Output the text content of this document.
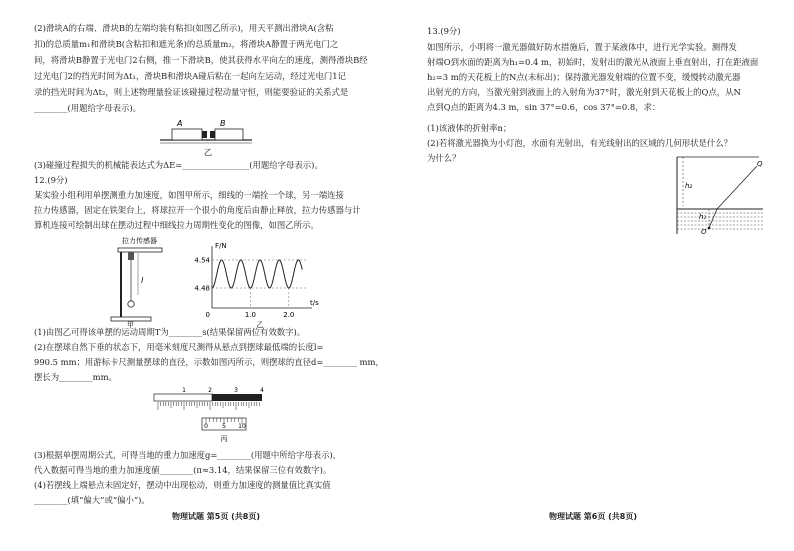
(2)滑块A的右端、滑块B的左端均装有粘扣(如图乙所示)，用天平测出滑块A(含粘
扣)的总质量m₁和滑块B(含粘扣和遮光条)的总质量m₂，将滑块A静置于两光电门之
间，将滑块B静置于光电门2右侧，推一下滑块B，使其获得水平向左的速度，测得滑块B经
过光电门2的挡光时间为Δt₁，滑块B和滑块A碰后粘在一起向左运动，经过光电门1记
录的挡光时间为Δt₂，则上述物理量验证该碰撞过程动量守恒，则能要验证的关系式是
________(用题给字母表示)。
A	B
乙
(3)碰撞过程损失的机械能表达式为ΔE=________________(用题给字母表示)。
12.(9分)
某实验小组利用单摆测重力加速度，如图甲所示，细线的一端拴一个球，另一端连接
拉力传感器，固定在铁架台上，将球拉开一个很小的角度后由静止释放，拉力传感器与计
算机连接可绘制出球在摆动过程中细线拉力周期性变化的图像，如图乙所示。
拉力传感器
l
甲
F/N
t/s
4.54
4.48
0	1.0	2.0
乙
(1)由图乙可得该单摆的运动周期T为________s(结果保留两位有效数字)。
(2)在摆球自然下垂的状态下，用毫米刻度尺测得从悬点到摆球最低端的长度l=
990.5 mm；用游标卡尺测量摆球的直径，示数如图丙所示，则摆球的直径d=________ mm，
摆长为________mm。
1	2	3	4
0 5 10
丙
(3)根据单摆周期公式，可得当地的重力加速度g=________(用题中所给字母表示)，
代入数据可得当地的重力加速度値________(π≈3.14，结果保留三位有效数字)。
(4)若摆线上端悬点未固定好，摆动中出现松动，则重力加速度的测量值比真实值
________(填“偏大”或“偏小”)。
物理试题 第5页 (共8页)
13.(9分)
如图所示，小明将一激光器做好防水措施后，置于某液体中，进行光学实验。测得发
射端O到水面的距离为h₁=0.4 m，初始时，发射出的激光从液面上垂直射出，打在距液面
h₂=3 m的天花板上的N点(未标出)；保持激光器发射端的位置不变，缓慢转动激光器
出射光的方向，当激光射到液面上的入射角为37°时，激光射到天花板上的Q点，从N
点到Q点的距离为4.3 m，sin 37°=0.6，cos 37°=0.8，求：
(1)该液体的折射率n；
(2)若将激光器换为小灯泡，水面有光射出，有光线射出的区域的几何形状是什么？
为什么？
h₂
h₁
O
Q
物理试题 第6页 (共8页)
